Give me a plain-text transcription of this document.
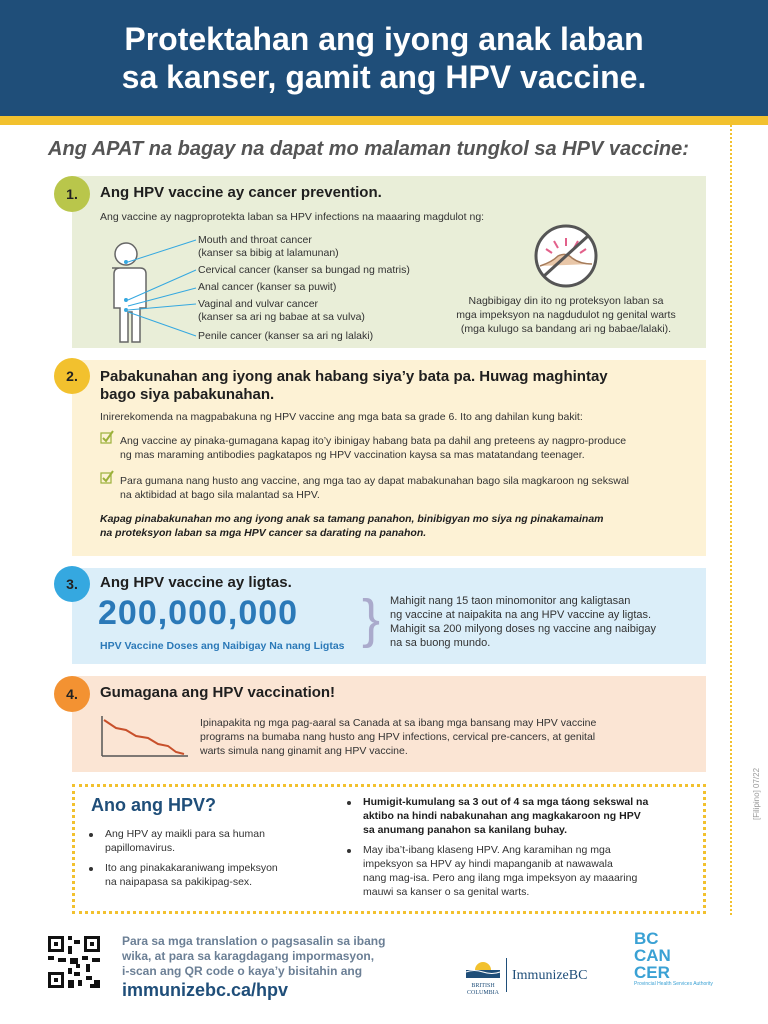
Protektahan ang iyong anak laban
sa kanser, gamit ang HPV vaccine.
Ang APAT na bagay na dapat mo malaman tungkol sa HPV vaccine:
Ang HPV vaccine ay cancer prevention.
Ang vaccine ay nagproprotekta laban sa HPV infections na maaaring magdulot ng:
Mouth and throat cancer
(kanser sa bibig at lalamunan)
Cervical cancer (kanser sa bungad ng matris)
Anal cancer (kanser sa puwit)
Vaginal and vulvar cancer
(kanser sa ari ng babae at sa vulva)
Penile cancer (kanser sa ari ng lalaki)
Nagbibigay din ito ng proteksyon laban sa
mga impeksyon na nagdudulot ng genital warts
(mga kulugo sa bandang ari ng babae/lalaki).
1.
Pabakunahan ang iyong anak habang siya’y bata pa. Huwag maghintay
bago siya pabakunahan.
Inirerekomenda na magpabakuna ng HPV vaccine ang mga bata sa grade 6. Ito ang dahilan kung bakit:
Ang vaccine ay pinaka-gumagana kapag ito’y ibinigay habang bata pa dahil ang preteens ay nagpro-produce
ng mas maraming antibodies pagkatapos ng HPV vaccination kaysa sa mas matatandang teenager.
Para gumana nang husto ang vaccine, ang mga tao ay dapat mabakunahan bago sila magkaroon ng sekswal
na aktibidad at bago sila malantad sa HPV.
Kapag pinabakunahan mo ang iyong anak sa tamang panahon, binibigyan mo siya ng pinakamainam
na proteksyon laban sa mga HPV cancer sa darating na panahon.
2.
Ang HPV vaccine ay ligtas.
200,000,000
HPV Vaccine Doses ang Naibigay Na nang Ligtas } Mahigit nang 15 taon minomonitor ang kaligtasan
ng vaccine at naipakita na ang HPV vaccine ay ligtas.
Mahigit sa 200 milyong doses ng vaccine ang naibigay
na sa buong mundo.
3.
Gumagana ang HPV vaccination!
Ipinapakita ng mga pag-aaral sa Canada at sa ibang mga bansang may HPV vaccine
programs na bumaba nang husto ang HPV infections, cervical pre-cancers, at genital
warts simula nang ginamit ang HPV vaccine.
4.
Ano ang HPV?
Ang HPV ay maikli para sa human
papillomavirus.
Ito ang pinakakaraniwang impeksyon
na naipapasa sa pakikipag-sex.
Humigit-kumulang sa 3 out of 4 sa mga táong sekswal na
aktibo na hindi nabakunahan ang magkakaroon ng HPV
sa anumang panahon sa kanilang buhay.
May iba’t-ibang klaseng HPV. Ang karamihan ng mga
impeksyon sa HPV ay hindi mapanganib at nawawala
nang mag-isa. Pero ang ilang mga impeksyon ay maaaring
mauwi sa kanser o sa genital warts.
[Filipino] 07/22
Para sa mga translation o pagsasalin sa ibang
wika, at para sa karagdagang impormasyon,
i-scan ang QR code o kaya’y bisitahin ang
immunizebc.ca/hpv	BRITISH
COLUMBIA
ImmunizeBC
BC
CAN
CER
Provincial Health Services Authority
